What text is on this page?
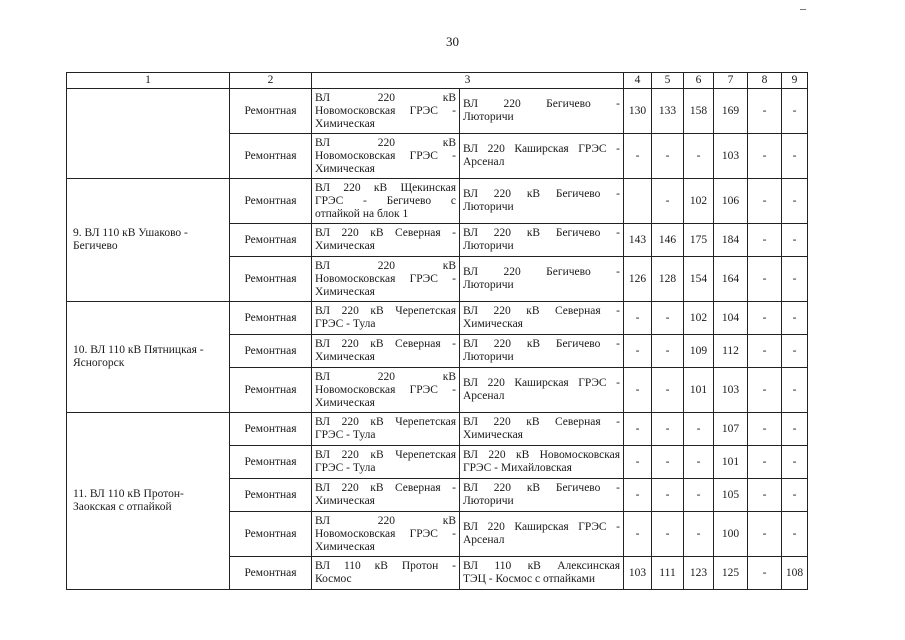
30
1	2	3		4	5	6	7	8	9
	Ремонтная	ВЛ 220 кВ
Новомосковская ГРЭС -
Химическая	ВЛ 220 Бегичево -
Лютоpичи	130	133	158	169	-	-
	Ремонтная	ВЛ 220 кВ
Новомосковская ГРЭС -
Химическая	ВЛ 220 Каширская ГРЭС -
Арсенал	-	-	-	103	-	-
9. ВЛ 110 кВ Ушаково - Бегичево	Ремонтная	ВЛ 220 кВ Щекинская
ГРЭС - Бегичево с
отпайкой на блок 1	ВЛ 220 кВ Бегичево -
Лютоpичи		-	102	106	-	-
	Ремонтная	ВЛ 220 кВ Северная -
Химическая	ВЛ 220 кВ Бегичево -
Лютоpичи	143	146	175	184	-	-
	Ремонтная	ВЛ 220 кВ
Новомосковская ГРЭС -
Химическая	ВЛ 220 Бегичево -
Лютоpичи	126	128	154	164	-	-
10. ВЛ 110 кВ Пятницкая - Ясногорск	Ремонтная	ВЛ 220 кВ Черепетская
ГРЭС - Тула	ВЛ 220 кВ Северная -
Химическая	-	-	102	104	-	-
	Ремонтная	ВЛ 220 кВ Северная -
Химическая	ВЛ 220 кВ Бегичево -
Лютоpичи	-	-	109	112	-	-
	Ремонтная	ВЛ 220 кВ
Новомосковская ГРЭС -
Химическая	ВЛ 220 Каширская ГРЭС -
Арсенал	-	-	101	103	-	-
11. ВЛ 110 кВ Протон-Заокская с отпайкой	Ремонтная	ВЛ 220 кВ Черепетская
ГРЭС - Тула	ВЛ 220 кВ Северная -
Химическая	-	-	-	107	-	-
	Ремонтная	ВЛ 220 кВ Черепетская
ГРЭС - Тула	ВЛ 220 кВ Новомосковская
ГРЭС - Михайловская	-	-	-	101	-	-
	Ремонтная	ВЛ 220 кВ Северная -
Химическая	ВЛ 220 кВ Бегичево -
Лютоpичи	-	-	-	105	-	-
	Ремонтная	ВЛ 220 кВ
Новомосковская ГРЭС -
Химическая	ВЛ 220 Каширская ГРЭС -
Арсенал	-	-	-	100	-	-
	Ремонтная	ВЛ 110 кВ Протон -
Космос	ВЛ 110 кВ Алексинская
ТЭЦ - Космос с отпайками	103	111	123	125	-	108
